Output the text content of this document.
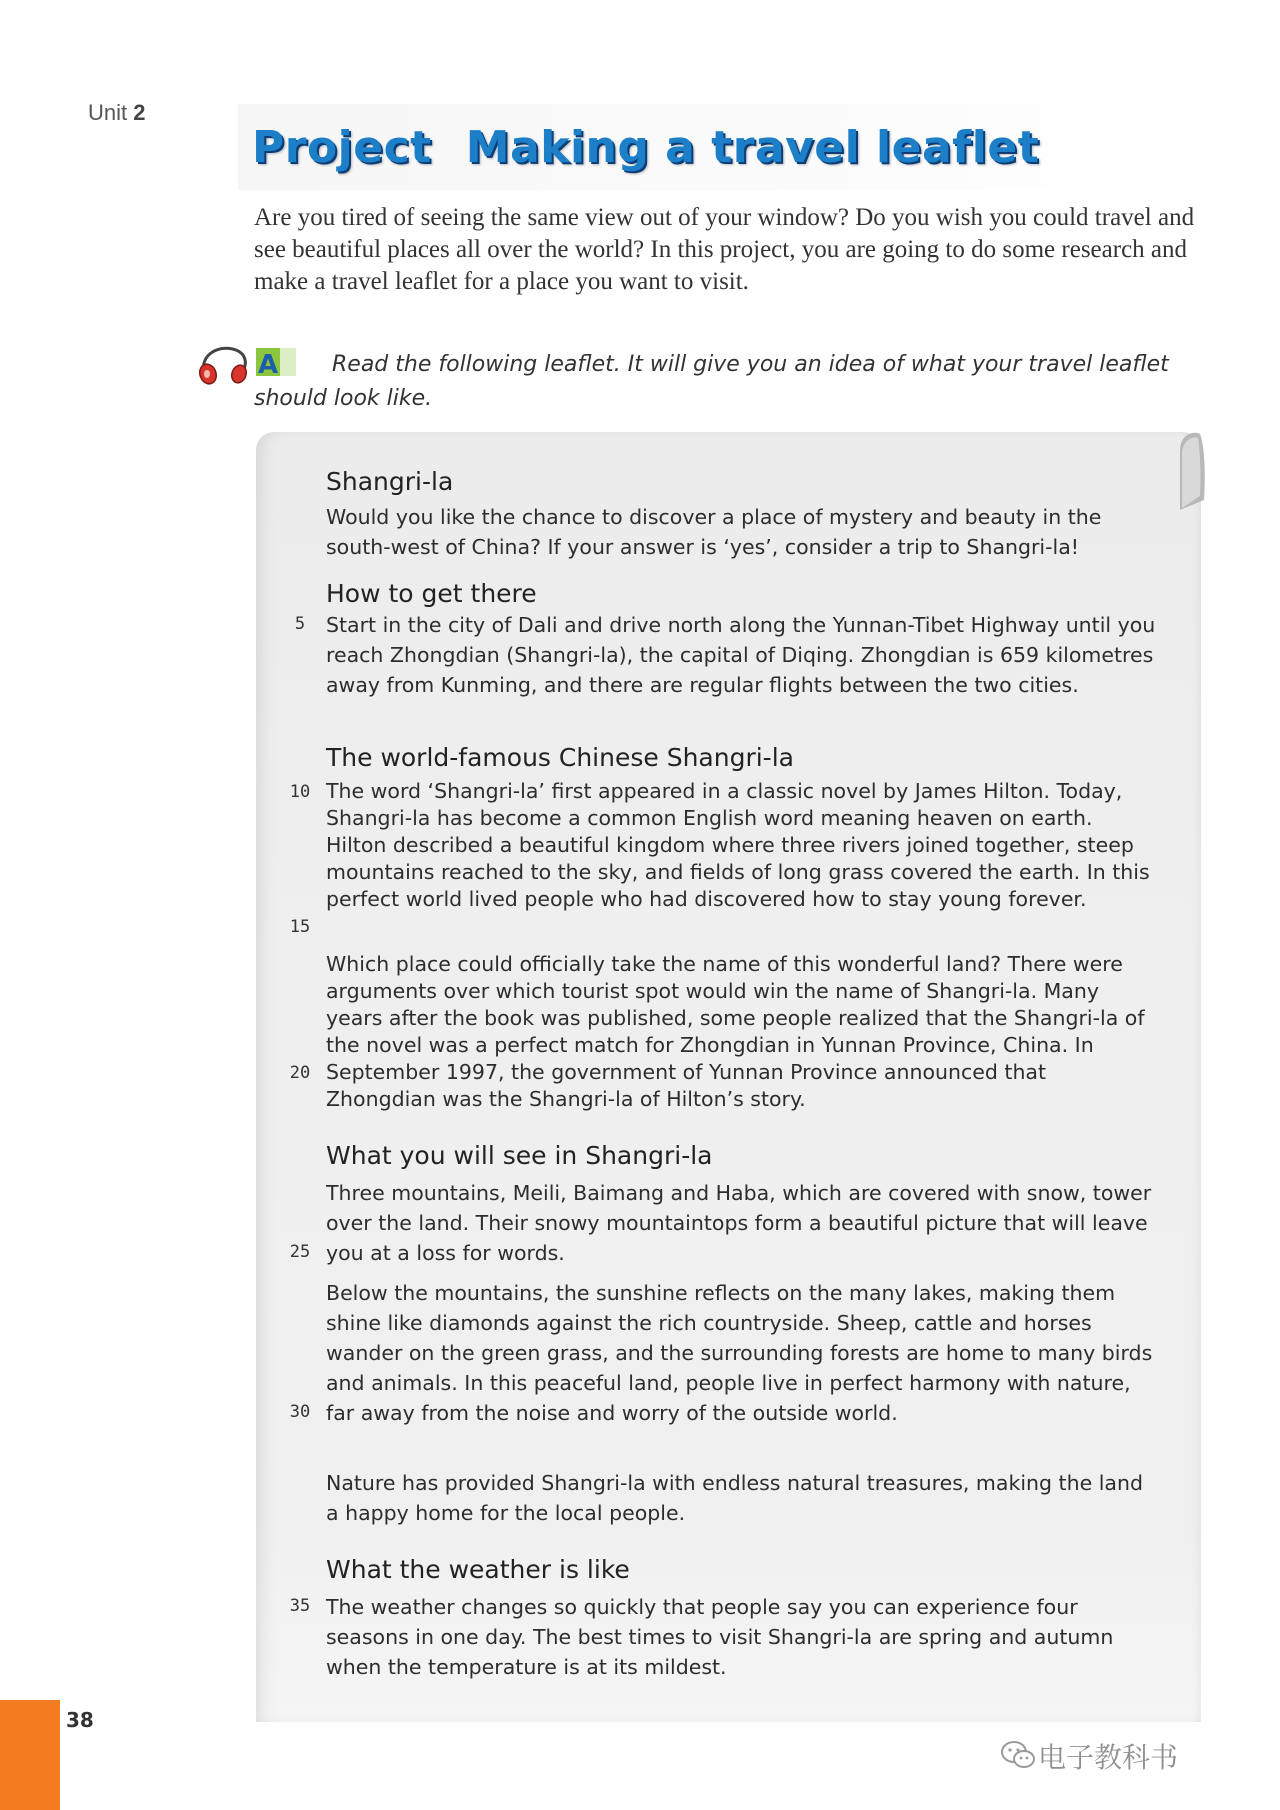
Unit 2
Project Making a travel leaflet
Are you tired of seeing the same view out of your window? Do you wish you could travel and see beautiful places all over the world? In this project, you are going to do some research and make a travel leaflet for a place you want to visit.
A	Read the following leaflet. It will give you an idea of what your travel leaflet should look like.
Shangri-la
Would you like the chance to discover a place of mystery and beauty in the south-west of China? If your answer is ‘yes’, consider a trip to Shangri-la!
How to get there
Start in the city of Dali and drive north along the Yunnan-Tibet Highway until you reach Zhongdian (Shangri-la), the capital of Diqing. Zhongdian is 659 kilometres away from Kunming, and there are regular flights between the two cities.
The world-famous Chinese Shangri-la
The word ‘Shangri-la’ first appeared in a classic novel by James Hilton. Today, Shangri-la has become a common English word meaning heaven on earth. Hilton described a beautiful kingdom where three rivers joined together, steep mountains reached to the sky, and fields of long grass covered the earth. In this perfect world lived people who had discovered how to stay young forever.
Which place could officially take the name of this wonderful land? There were arguments over which tourist spot would win the name of Shangri-la. Many years after the book was published, some people realized that the Shangri-la of the novel was a perfect match for Zhongdian in Yunnan Province, China. In September 1997, the government of Yunnan Province announced that Zhongdian was the Shangri-la of Hilton’s story.
What you will see in Shangri-la
Three mountains, Meili, Baimang and Haba, which are covered with snow, tower over the land. Their snowy mountaintops form a beautiful picture that will leave you at a loss for words.
Below the mountains, the sunshine reflects on the many lakes, making them shine like diamonds against the rich countryside. Sheep, cattle and horses wander on the green grass, and the surrounding forests are home to many birds and animals. In this peaceful land, people live in perfect harmony with nature, far away from the noise and worry of the outside world.
Nature has provided Shangri-la with endless natural treasures, making the land a happy home for the local people.
What the weather is like
The weather changes so quickly that people say you can experience four seasons in one day. The best times to visit Shangri-la are spring and autumn when the temperature is at its mildest.
5
10
15
20
25
30
35
38
电子教科书
